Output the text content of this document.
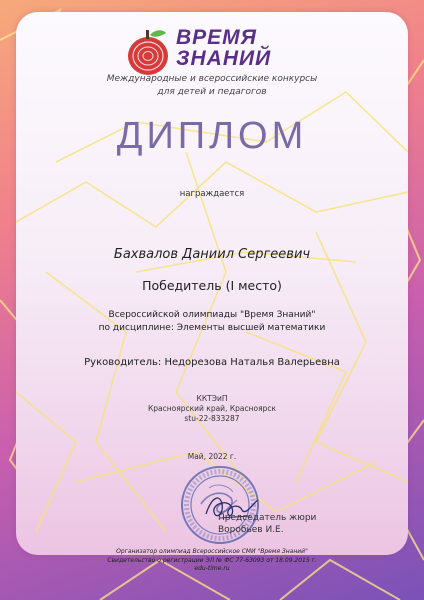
ВРЕМЯ
ЗНАНИЙ
Международные и всероссийские конкурсы
для детей и педагогов
ДИПЛОМ
награждается
Бахвалов Даниил Сергеевич
Победитель (I место)
Всероссийской олимпиады "Время Знаний"
по дисциплине: Элементы высшей математики
Руководитель: Недорезова Наталья Валерьевна
ККТЭиП
Красноярский край, Красноярск
stu-22-833287
Май, 2022 г.
Председатель жюри
Воробьев И.Е.
Организатор олимпиад Всероссийское СМИ "Время Знаний"
Свидетельство о регистрации ЭЛ № ФС 77-63093 от 18.09.2015 г.
edu-time.ru
